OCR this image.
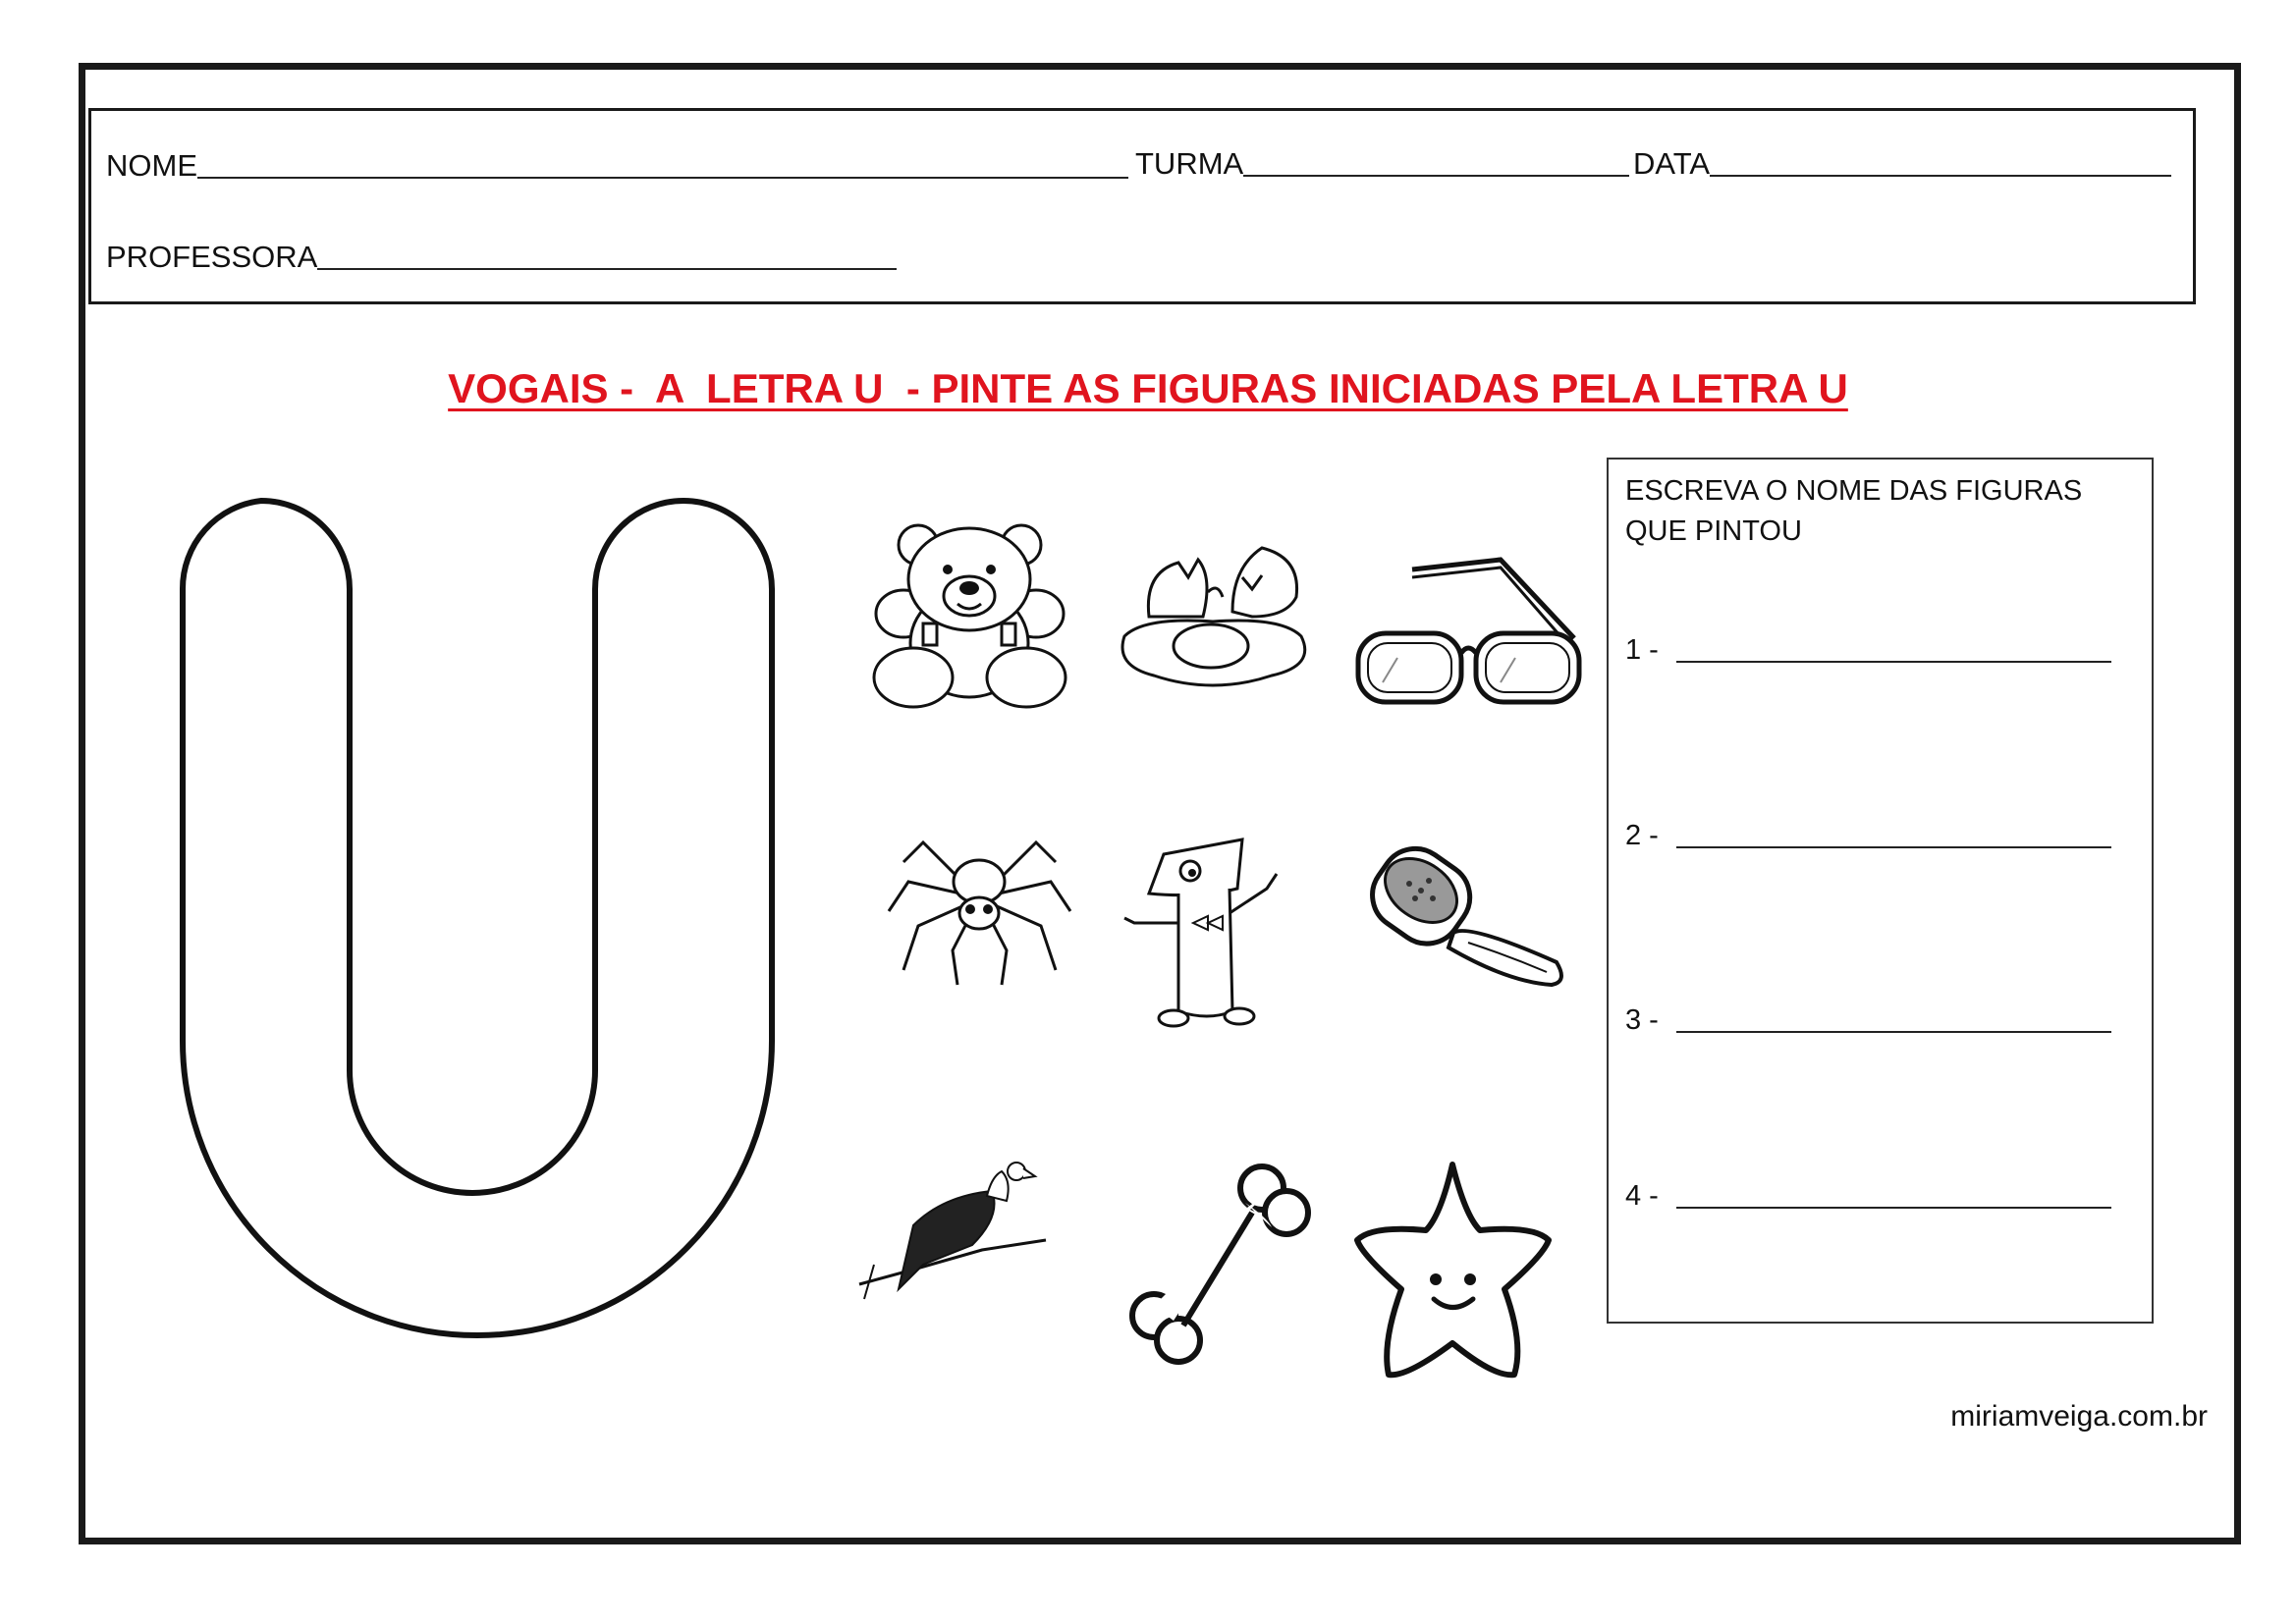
NOME	TURMA	DATA
PROFESSORA
VOGAIS -  A  LETRA U  - PINTE AS FIGURAS INICIADAS PELA LETRA U
ESCREVA O NOME DAS FIGURAS QUE PINTOU
1 -
2 -
3 -
4 -
miriamveiga.com.br
